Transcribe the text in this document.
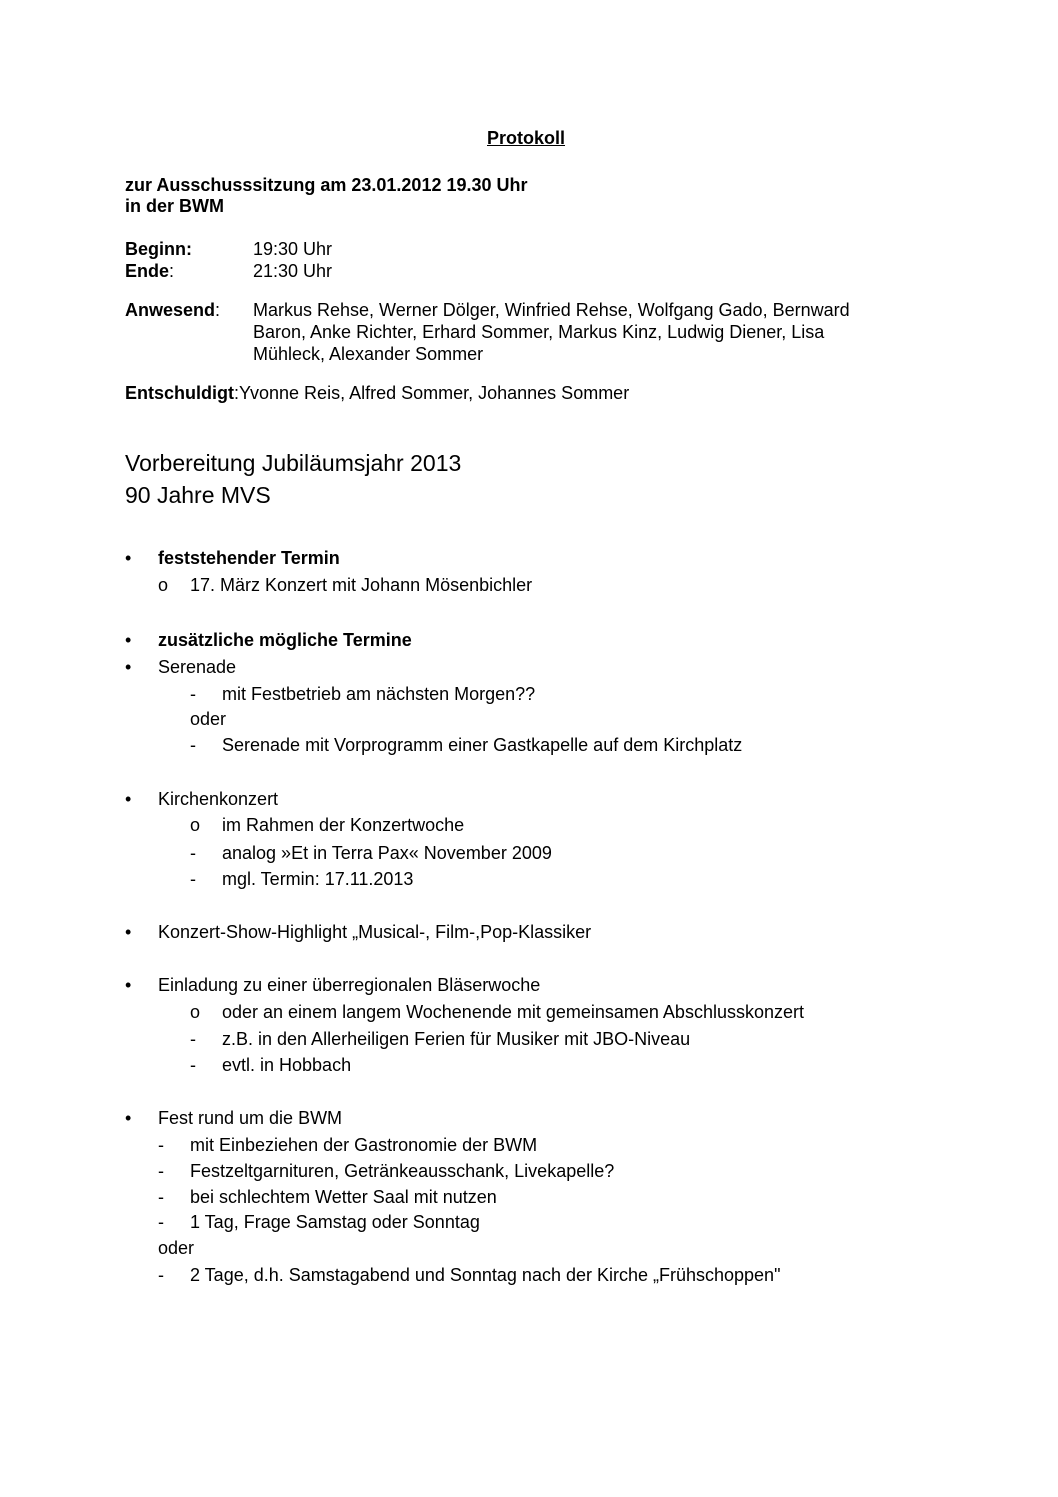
Protokoll
zur Ausschusssitzung am 23.01.2012 19.30 Uhr
in der BWM
Beginn:	19:30 Uhr
Ende:	21:30 Uhr
Anwesend: Markus Rehse, Werner Dölger, Winfried Rehse, Wolfgang Gado, Bernward
Baron, Anke Richter, Erhard Sommer, Markus Kinz, Ludwig Diener, Lisa
Mühleck, Alexander Sommer
Entschuldigt:Yvonne Reis, Alfred Sommer, Johannes Sommer
Vorbereitung Jubiläumsjahr 2013
90 Jahre MVS
• feststehender Termin
o 17. März Konzert mit Johann Mösenbichler
• zusätzliche mögliche Termine
• Serenade
- mit Festbetrieb am nächsten Morgen??
oder
- Serenade mit Vorprogramm einer Gastkapelle auf dem Kirchplatz
• Kirchenkonzert
o im Rahmen der Konzertwoche
- analog »Et in Terra Pax« November 2009
- mgl. Termin: 17.11.2013
• Konzert-Show-Highlight „Musical-, Film-,Pop-Klassiker
• Einladung zu einer überregionalen Bläserwoche
o oder an einem langem Wochenende mit gemeinsamen Abschlusskonzert
- z.B. in den Allerheiligen Ferien für Musiker mit JBO-Niveau
- evtl. in Hobbach
• Fest rund um die BWM
- mit Einbeziehen der Gastronomie der BWM
- Festzeltgarnituren, Getränkeausschank, Livekapelle?
- bei schlechtem Wetter Saal mit nutzen
- 1 Tag, Frage Samstag oder Sonntag
oder
- 2 Tage, d.h. Samstagabend und Sonntag nach der Kirche „Frühschoppen"
